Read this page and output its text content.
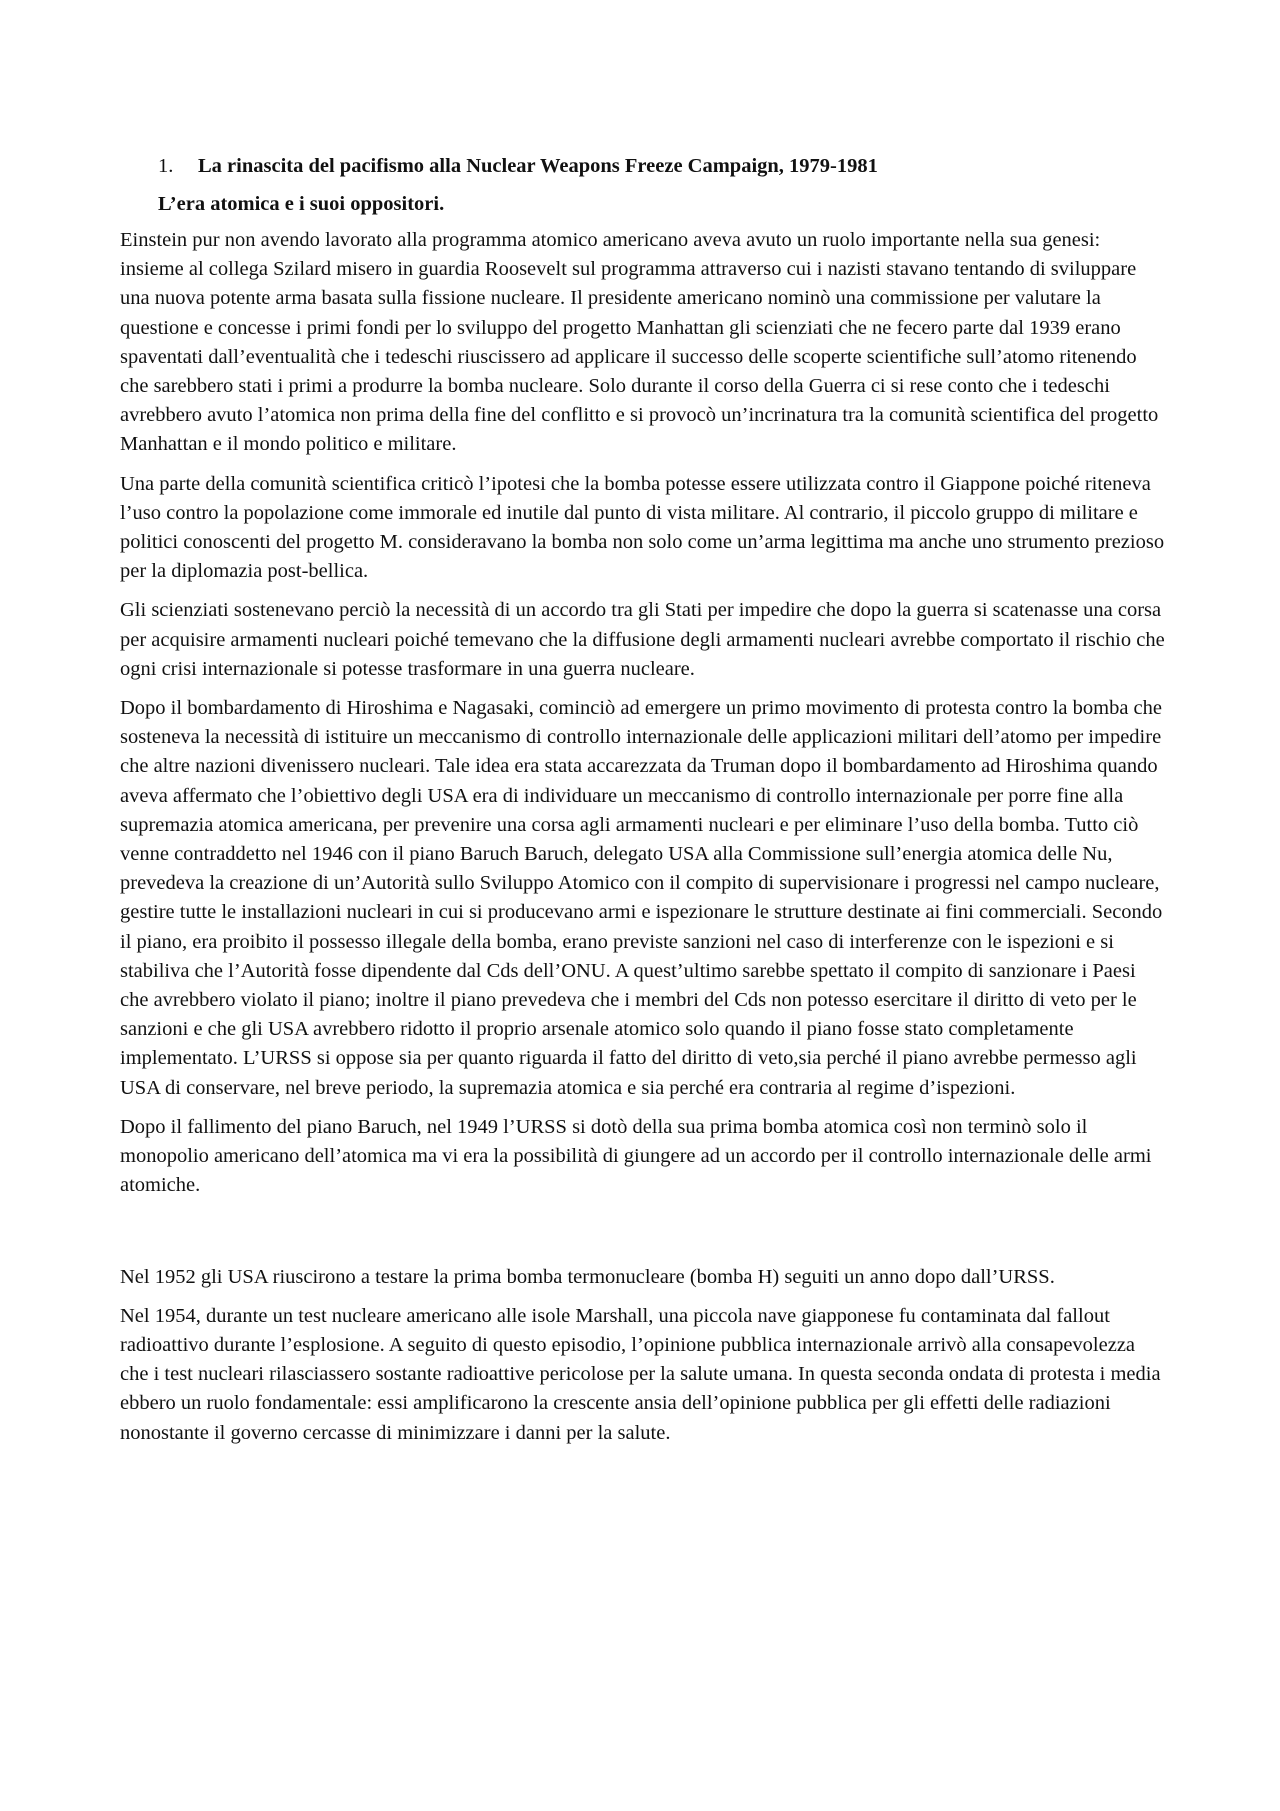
1.	La rinascita del pacifismo alla Nuclear Weapons Freeze Campaign, 1979-1981
L’era atomica e i suoi oppositori.

Einstein pur non avendo lavorato alla programma atomico americano aveva avuto un ruolo importante nella sua genesi: insieme al collega Szilard misero in guardia Roosevelt sul programma attraverso cui i nazisti stavano tentando di sviluppare una nuova potente arma basata sulla fissione nucleare. Il presidente americano nominò una commissione per valutare la questione e concesse i primi fondi per lo sviluppo del progetto Manhattan gli scienziati che ne fecero parte dal 1939 erano spaventati dall’eventualità che i tedeschi riuscissero ad applicare il successo delle scoperte scientifiche sull’atomo ritenendo che sarebbero stati i primi a produrre la bomba nucleare. Solo durante il corso della Guerra ci si rese conto che i tedeschi avrebbero avuto l’atomica non prima della fine del conflitto e si provocò un’incrinatura tra la comunità scientifica del progetto Manhattan e il mondo politico e militare.

Una parte della comunità scientifica criticò l’ipotesi che la bomba potesse essere utilizzata contro il Giappone poiché riteneva l’uso contro la popolazione come immorale ed inutile dal punto di vista militare. Al contrario, il piccolo gruppo di militare e politici conoscenti del progetto M. consideravano la bomba non solo come un’arma legittima ma anche uno strumento prezioso per la diplomazia post-bellica.

Gli scienziati sostenevano perciò la necessità di un accordo tra gli Stati per impedire che dopo la guerra si scatenasse una corsa per acquisire armamenti nucleari poiché temevano che la diffusione degli armamenti nucleari avrebbe comportato il rischio che ogni crisi internazionale si potesse trasformare in una guerra nucleare.

Dopo il bombardamento di Hiroshima e Nagasaki, cominciò ad emergere un primo movimento di protesta contro la bomba che sosteneva la necessità di istituire un meccanismo di controllo internazionale delle applicazioni militari dell’atomo per impedire che altre nazioni divenissero nucleari. Tale idea era stata accarezzata da Truman dopo il bombardamento ad Hiroshima quando aveva affermato che l’obiettivo degli USA era di individuare un meccanismo di controllo internazionale per porre fine alla supremazia atomica americana, per prevenire una corsa agli armamenti nucleari e per eliminare l’uso della bomba. Tutto ciò venne contraddetto nel 1946 con il piano Baruch Baruch, delegato USA alla Commissione sull’energia atomica delle Nu, prevedeva la creazione di un’Autorità sullo Sviluppo Atomico con il compito di supervisionare i progressi nel campo nucleare, gestire tutte le installazioni nucleari in cui si producevano armi e ispezionare le strutture destinate ai fini commerciali. Secondo il piano, era proibito il possesso illegale della bomba, erano previste sanzioni nel caso di interferenze con le ispezioni e si stabiliva che l’Autorità fosse dipendente dal Cds dell’ONU. A quest’ultimo sarebbe spettato il compito di sanzionare i Paesi che avrebbero violato il piano; inoltre il piano prevedeva che i membri del Cds non potesso esercitare il diritto di veto per le sanzioni e che gli USA avrebbero ridotto il proprio arsenale atomico solo quando il piano fosse stato completamente implementato. L’URSS si oppose sia per quanto riguarda il fatto del diritto di veto,sia perché il piano avrebbe permesso agli USA di conservare, nel breve periodo, la supremazia atomica e sia perché era contraria al regime d’ispezioni.

Dopo il fallimento del piano Baruch, nel 1949 l’URSS si dotò della sua prima bomba atomica così non terminò solo il monopolio americano dell’atomica ma vi era la possibilità di giungere ad un accordo per il controllo internazionale delle armi atomiche.

Nel 1952 gli USA riuscirono a testare la prima bomba termonucleare (bomba H) seguiti un anno dopo dall’URSS.

Nel 1954, durante un test nucleare americano alle isole Marshall, una piccola nave giapponese fu contaminata dal fallout radioattivo durante l’esplosione. A seguito di questo episodio, l’opinione pubblica internazionale arrivò alla consapevolezza che i test nucleari rilasciassero sostante radioattive pericolose per la salute umana. In questa seconda ondata di protesta i media ebbero un ruolo fondamentale: essi amplificarono la crescente ansia dell’opinione pubblica per gli effetti delle radiazioni nonostante il governo cercasse di minimizzare i danni per la salute.
